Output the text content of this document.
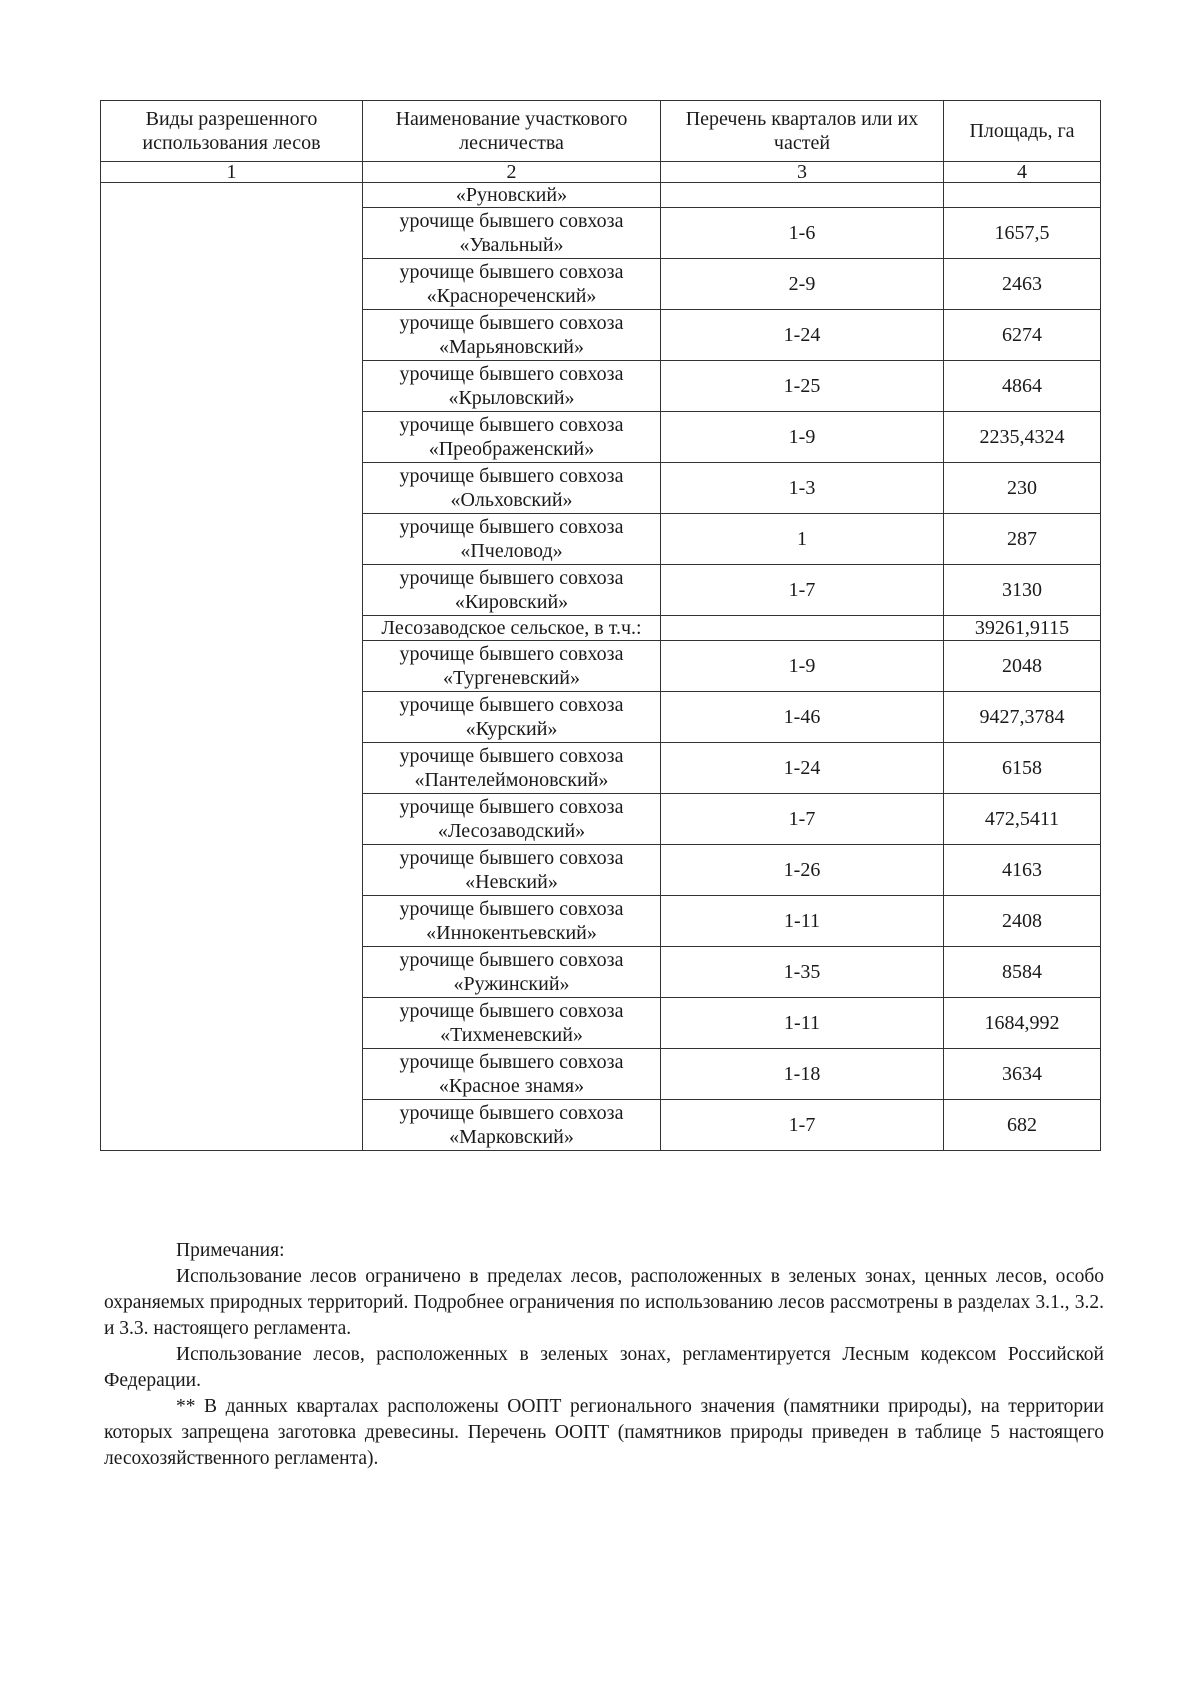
Виды разрешенного использования лесов	Наименование участкового лесничества	Перечень кварталов или их частей	Площадь, га
1	2	3	4
	«Руновский»		
	урочище бывшего совхоза «Увальный»	1-6	1657,5
	урочище бывшего совхоза «Краснореченский»	2-9	2463
	урочище бывшего совхоза «Марьяновский»	1-24	6274
	урочище бывшего совхоза «Крыловский»	1-25	4864
	урочище бывшего совхоза «Преображенский»	1-9	2235,4324
	урочище бывшего совхоза «Ольховский»	1-3	230
	урочище бывшего совхоза «Пчеловод»	1	287
	урочище бывшего совхоза «Кировский»	1-7	3130
	Лесозаводское сельское, в т.ч.:		39261,9115
	урочище бывшего совхоза «Тургеневский»	1-9	2048
	урочище бывшего совхоза «Курский»	1-46	9427,3784
	урочище бывшего совхоза «Пантелеймоновский»	1-24	6158
	урочище бывшего совхоза «Лесозаводский»	1-7	472,5411
	урочище бывшего совхоза «Невский»	1-26	4163
	урочище бывшего совхоза «Иннокентьевский»	1-11	2408
	урочище бывшего совхоза «Ружинский»	1-35	8584
	урочище бывшего совхоза «Тихменевский»	1-11	1684,992
	урочище бывшего совхоза «Красное знамя»	1-18	3634
	урочище бывшего совхоза «Марковский»	1-7	682

Примечания:

Использование лесов ограничено в пределах лесов, расположенных в зеленых зонах, ценных лесов, особо охраняемых природных территорий. Подробнее ограничения по использованию лесов рассмотрены в разделах 3.1., 3.2. и 3.3. настоящего регламента.

Использование лесов, расположенных в зеленых зонах, регламентируется Лесным кодексом Российской Федерации.

** В данных кварталах расположены ООПТ регионального значения (памятники природы), на территории которых запрещена заготовка древесины. Перечень ООПТ (памятников природы приведен в таблице 5 настоящего лесохозяйственного регламента).
